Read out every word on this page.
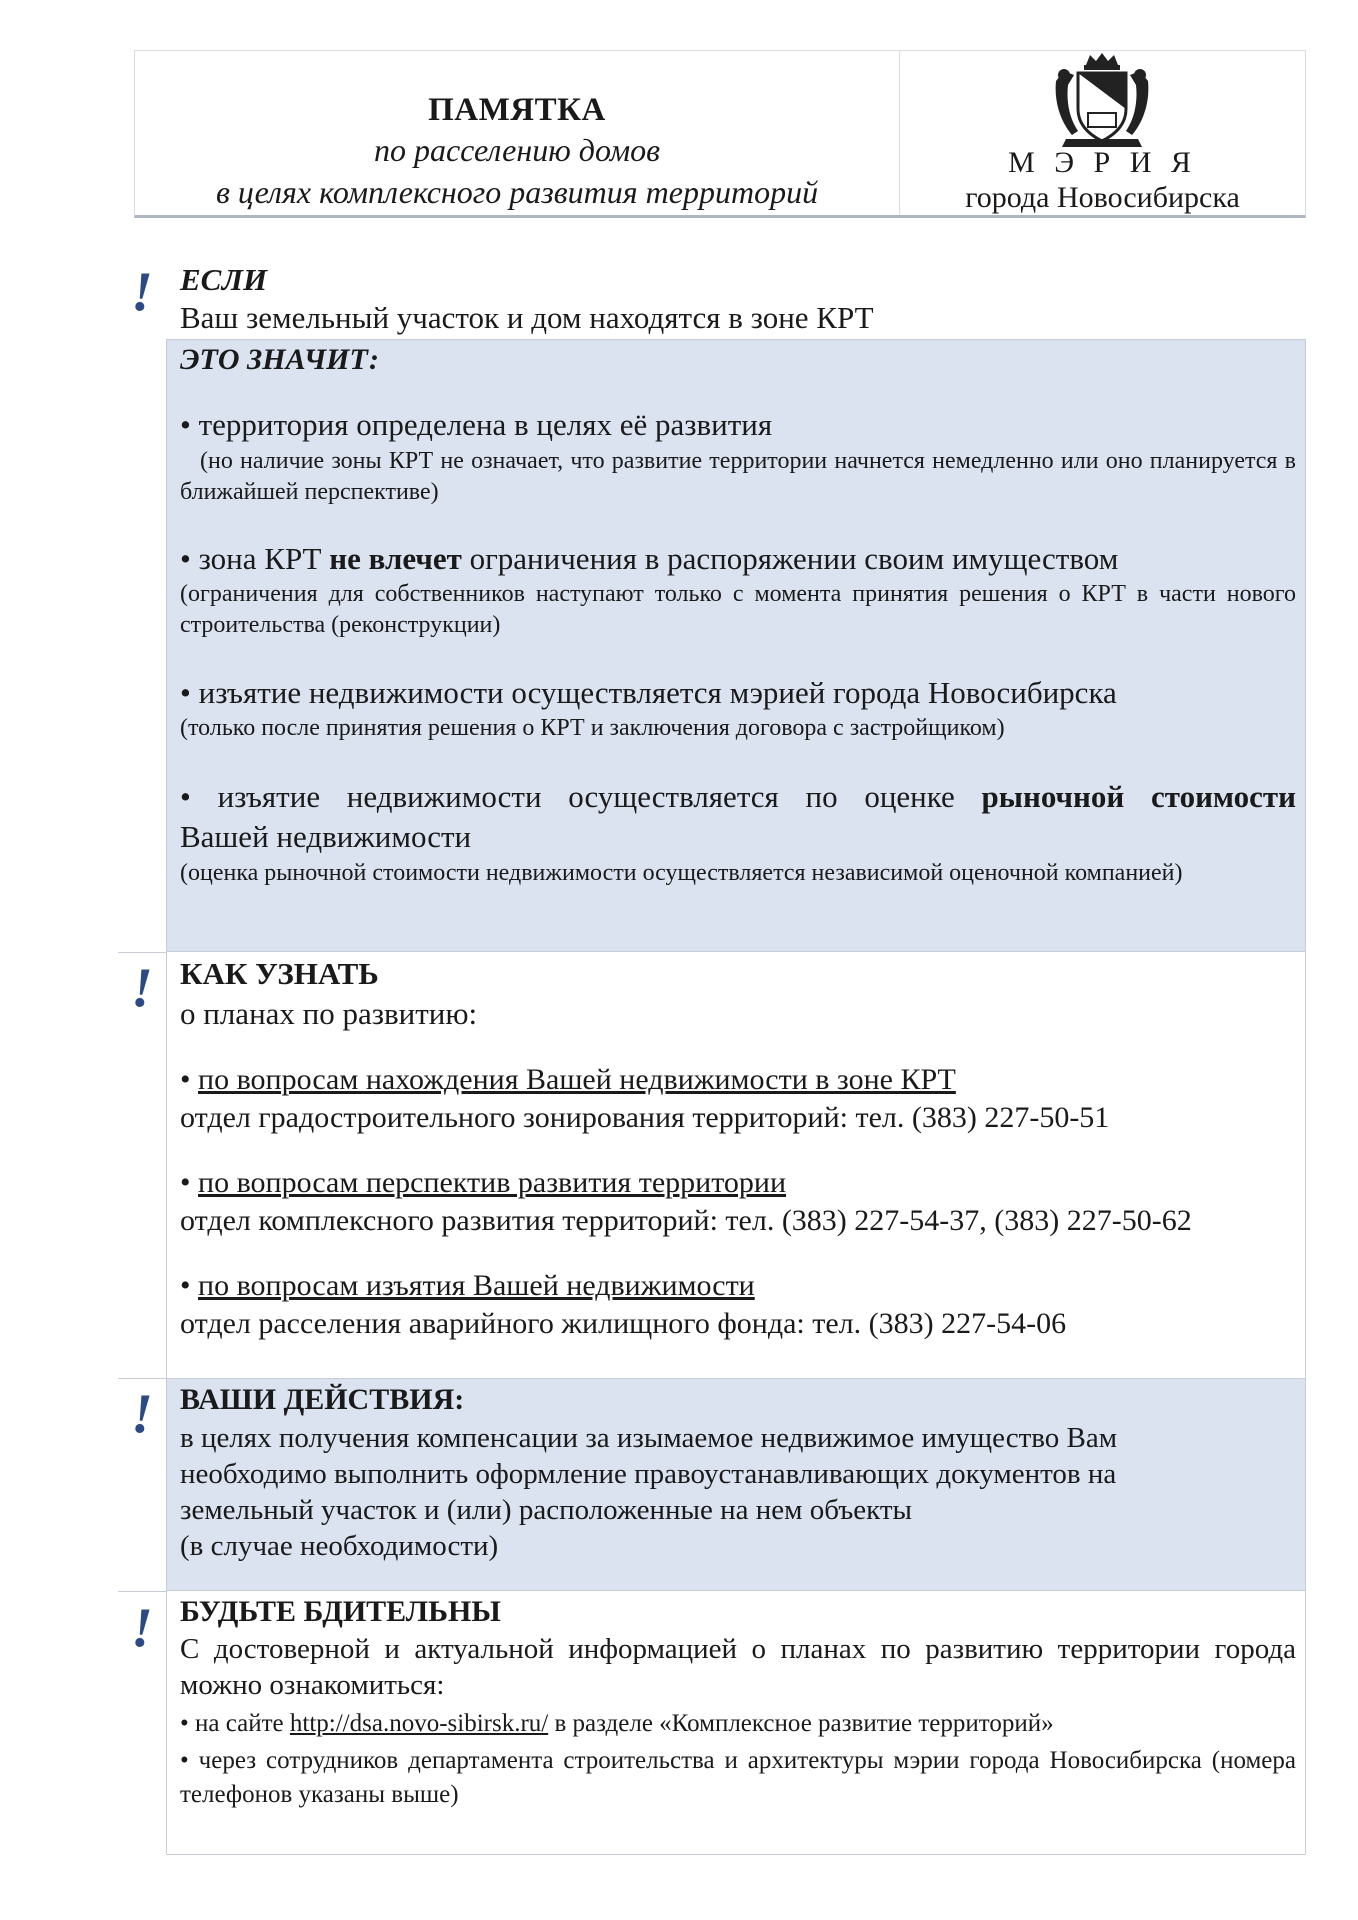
ПАМЯТКА
по расселению домов
в целях комплексного развития территорий
М Э Р И Я
города Новосибирска
! ЕСЛИ
Ваш земельный участок и дом находятся в зоне КРТ
ЭТО ЗНАЧИТ:
• территория определена в целях её развития
(но наличие зоны КРТ не означает, что развитие территории начнется немедленно или оно планируется в ближайшей перспективе)
• зона КРТ не влечет ограничения в распоряжении своим имуществом
(ограничения для собственников наступают только с момента принятия решения о КРТ в части нового строительства (реконструкции)
• изъятие недвижимости осуществляется мэрией города Новосибирска
(только после принятия решения о КРТ и заключения договора с застройщиком)
• изъятие недвижимости осуществляется по оценке рыночной стоимости
Вашей недвижимости
(оценка рыночной стоимости недвижимости осуществляется независимой оценочной компанией)
! КАК УЗНАТЬ
о планах по развитию:
• по вопросам нахождения Вашей недвижимости в зоне КРТ
отдел градостроительного зонирования территорий: тел. (383) 227-50-51
• по вопросам перспектив развития территории
отдел комплексного развития территорий: тел. (383) 227-54-37, (383) 227-50-62
• по вопросам изъятия Вашей недвижимости
отдел расселения аварийного жилищного фонда: тел. (383) 227-54-06
! ВАШИ ДЕЙСТВИЯ:
в целях получения компенсации за изымаемое недвижимое имущество Вам
необходимо выполнить оформление правоустанавливающих документов на
земельный участок и (или) расположенные на нем объекты
(в случае необходимости)
! БУДЬТЕ БДИТЕЛЬНЫ
С достоверной и актуальной информацией о планах по развитию территории города можно ознакомиться:
• на сайте http://dsa.novo-sibirsk.ru/ в разделе «Комплексное развитие территорий»
• через сотрудников департамента строительства и архитектуры мэрии города Новосибирска (номера телефонов указаны выше)
